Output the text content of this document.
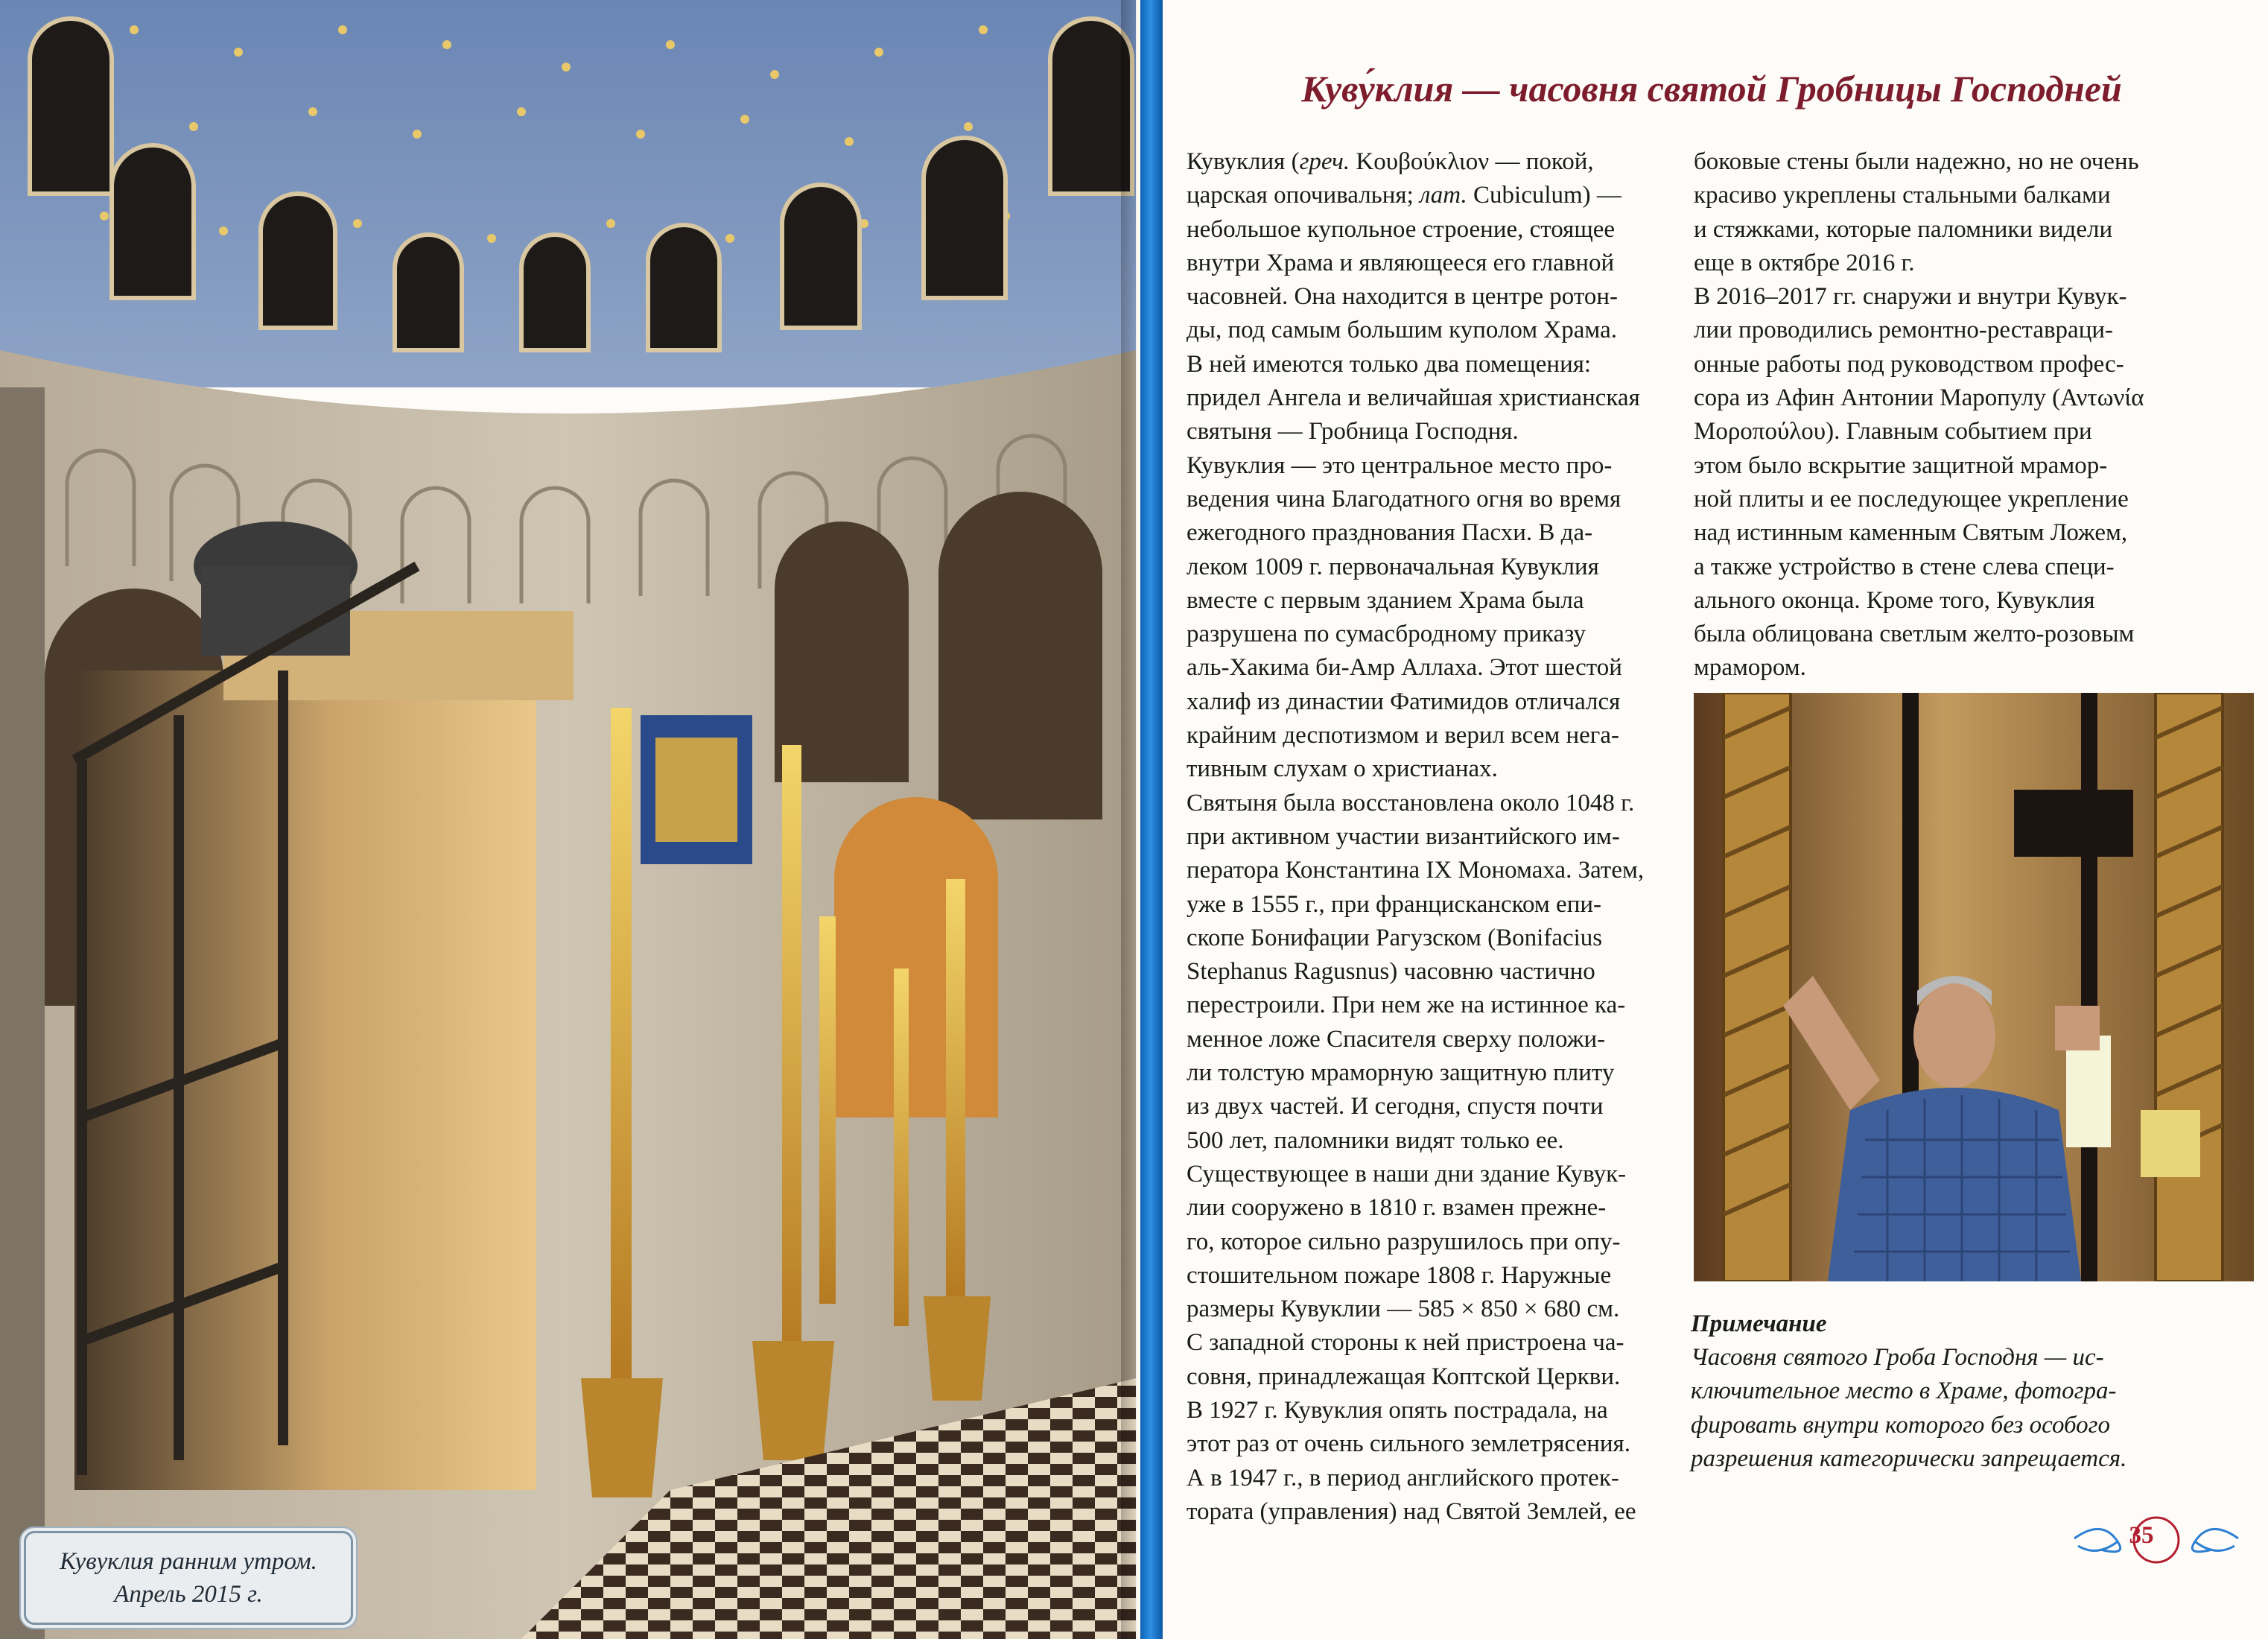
Кувуклия ранним утром.
Апрель 2015 г.
Куву́клия — часовня святой Гробницы Господней

Кувуклия (греч. Κουβούκλιον — покой,

царская опочивальня; лат. Cubiculum) —

небольшое купольное строение, стоящее

внутри Храма и являющееся его главной

часовней. Она находится в центре ротон-

ды, под самым большим куполом Храма.

В ней имеются только два помещения:

придел Ангела и величайшая христианская

святыня — Гробница Господня.

Кувуклия — это центральное место про-

ведения чина Благодатного огня во время

ежегодного празднования Пасхи. В да-

леком 1009 г. первоначальная Кувуклия

вместе с первым зданием Храма была

разрушена по сумасбродному приказу

аль-Хакима би-Амр Аллаха. Этот шестой

халиф из династии Фатимидов отличался

крайним деспотизмом и верил всем нега-

тивным слухам о христианах.

Святыня была восстановлена около 1048 г.

при активном участии византийского им-

ператора Константина IX Мономаха. Затем,

уже в 1555 г., при францисканском епи-

скопе Бонифации Рагузском (Bonifacius

Stephanus Ragusnus) часовню частично

перестроили. При нем же на истинное ка-

менное ложе Спасителя сверху положи-

ли толстую мраморную защитную плиту

из двух частей. И сегодня, спустя почти

500 лет, паломники видят только ее.

Существующее в наши дни здание Кувук-

лии сооружено в 1810 г. взамен прежне-

го, которое сильно разрушилось при опу-

стошительном пожаре 1808 г. Наружные

размеры Кувуклии — 585 × 850 × 680 см.

С западной стороны к ней пристроена ча-

совня, принадлежащая Коптской Церкви.

В 1927 г. Кувуклия опять пострадала, на

этот раз от очень сильного землетрясения.

А в 1947 г., в период английского протек-

тората (управления) над Святой Землей, ее

боковые стены были надежно, но не очень

красиво укреплены стальными балками

и стяжками, которые паломники видели

еще в октябре 2016 г.

В 2016–2017 гг. снаружи и внутри Кувук-

лии проводились ремонтно-реставраци-

онные работы под руководством профес-

сора из Афин Антонии Маропулу (Αντωνία

Μοροπούλου). Главным событием при

этом было вскрытие защитной мрамор-

ной плиты и ее последующее укрепление

над истинным каменным Святым Ложем,

а также устройство в стене слева специ-

ального оконца. Кроме того, Кувуклия

была облицована светлым желто-розовым

мрамором.

Примечание
Часовня святого Гроба Господня — ис-
ключительное место в Храме, фотогра-
фировать внутри которого без особого
разрешения категорически запрещается.
35
